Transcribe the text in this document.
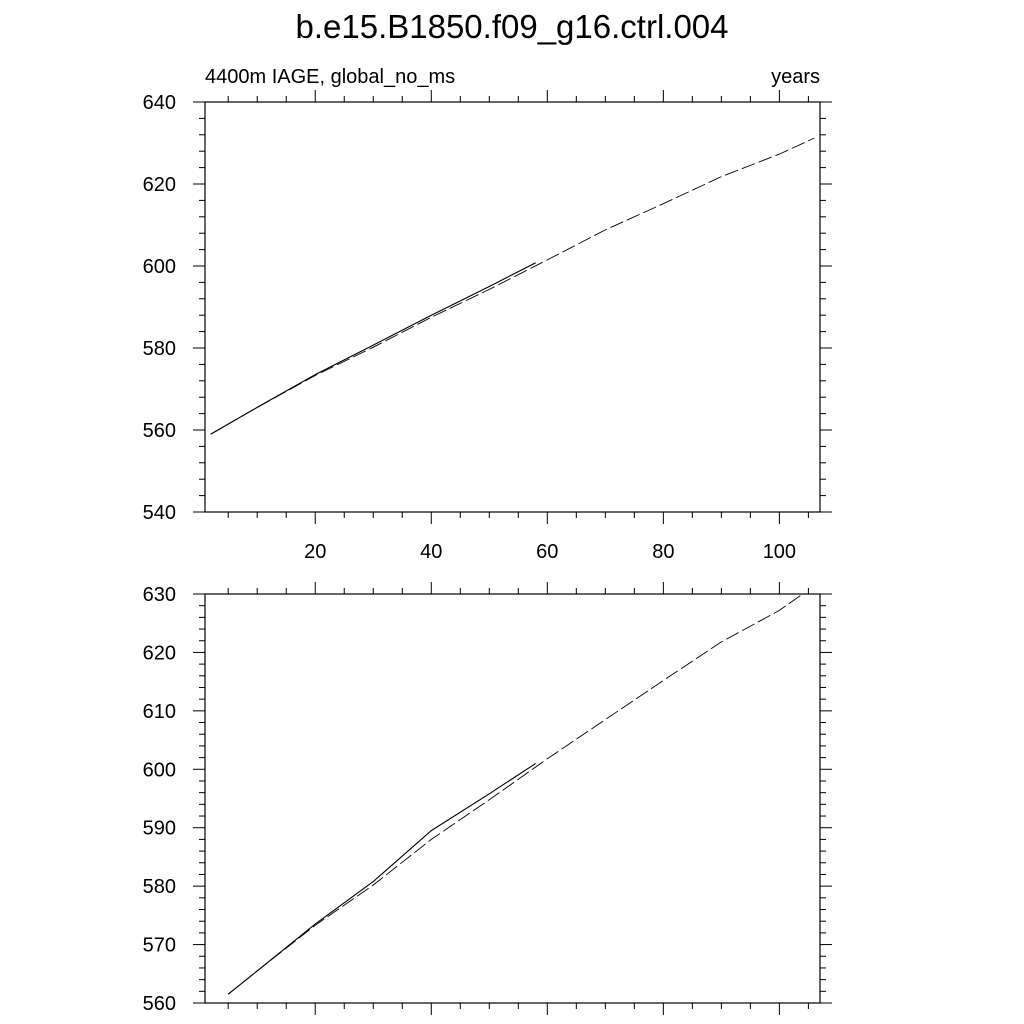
b.e15.B1850.f09_g16.ctrl.004
4400m IAGE, global_no_ms	years
540
560
580
600
620
640
20	40	60	80	100
560
570
580
590
600
610
620
630
